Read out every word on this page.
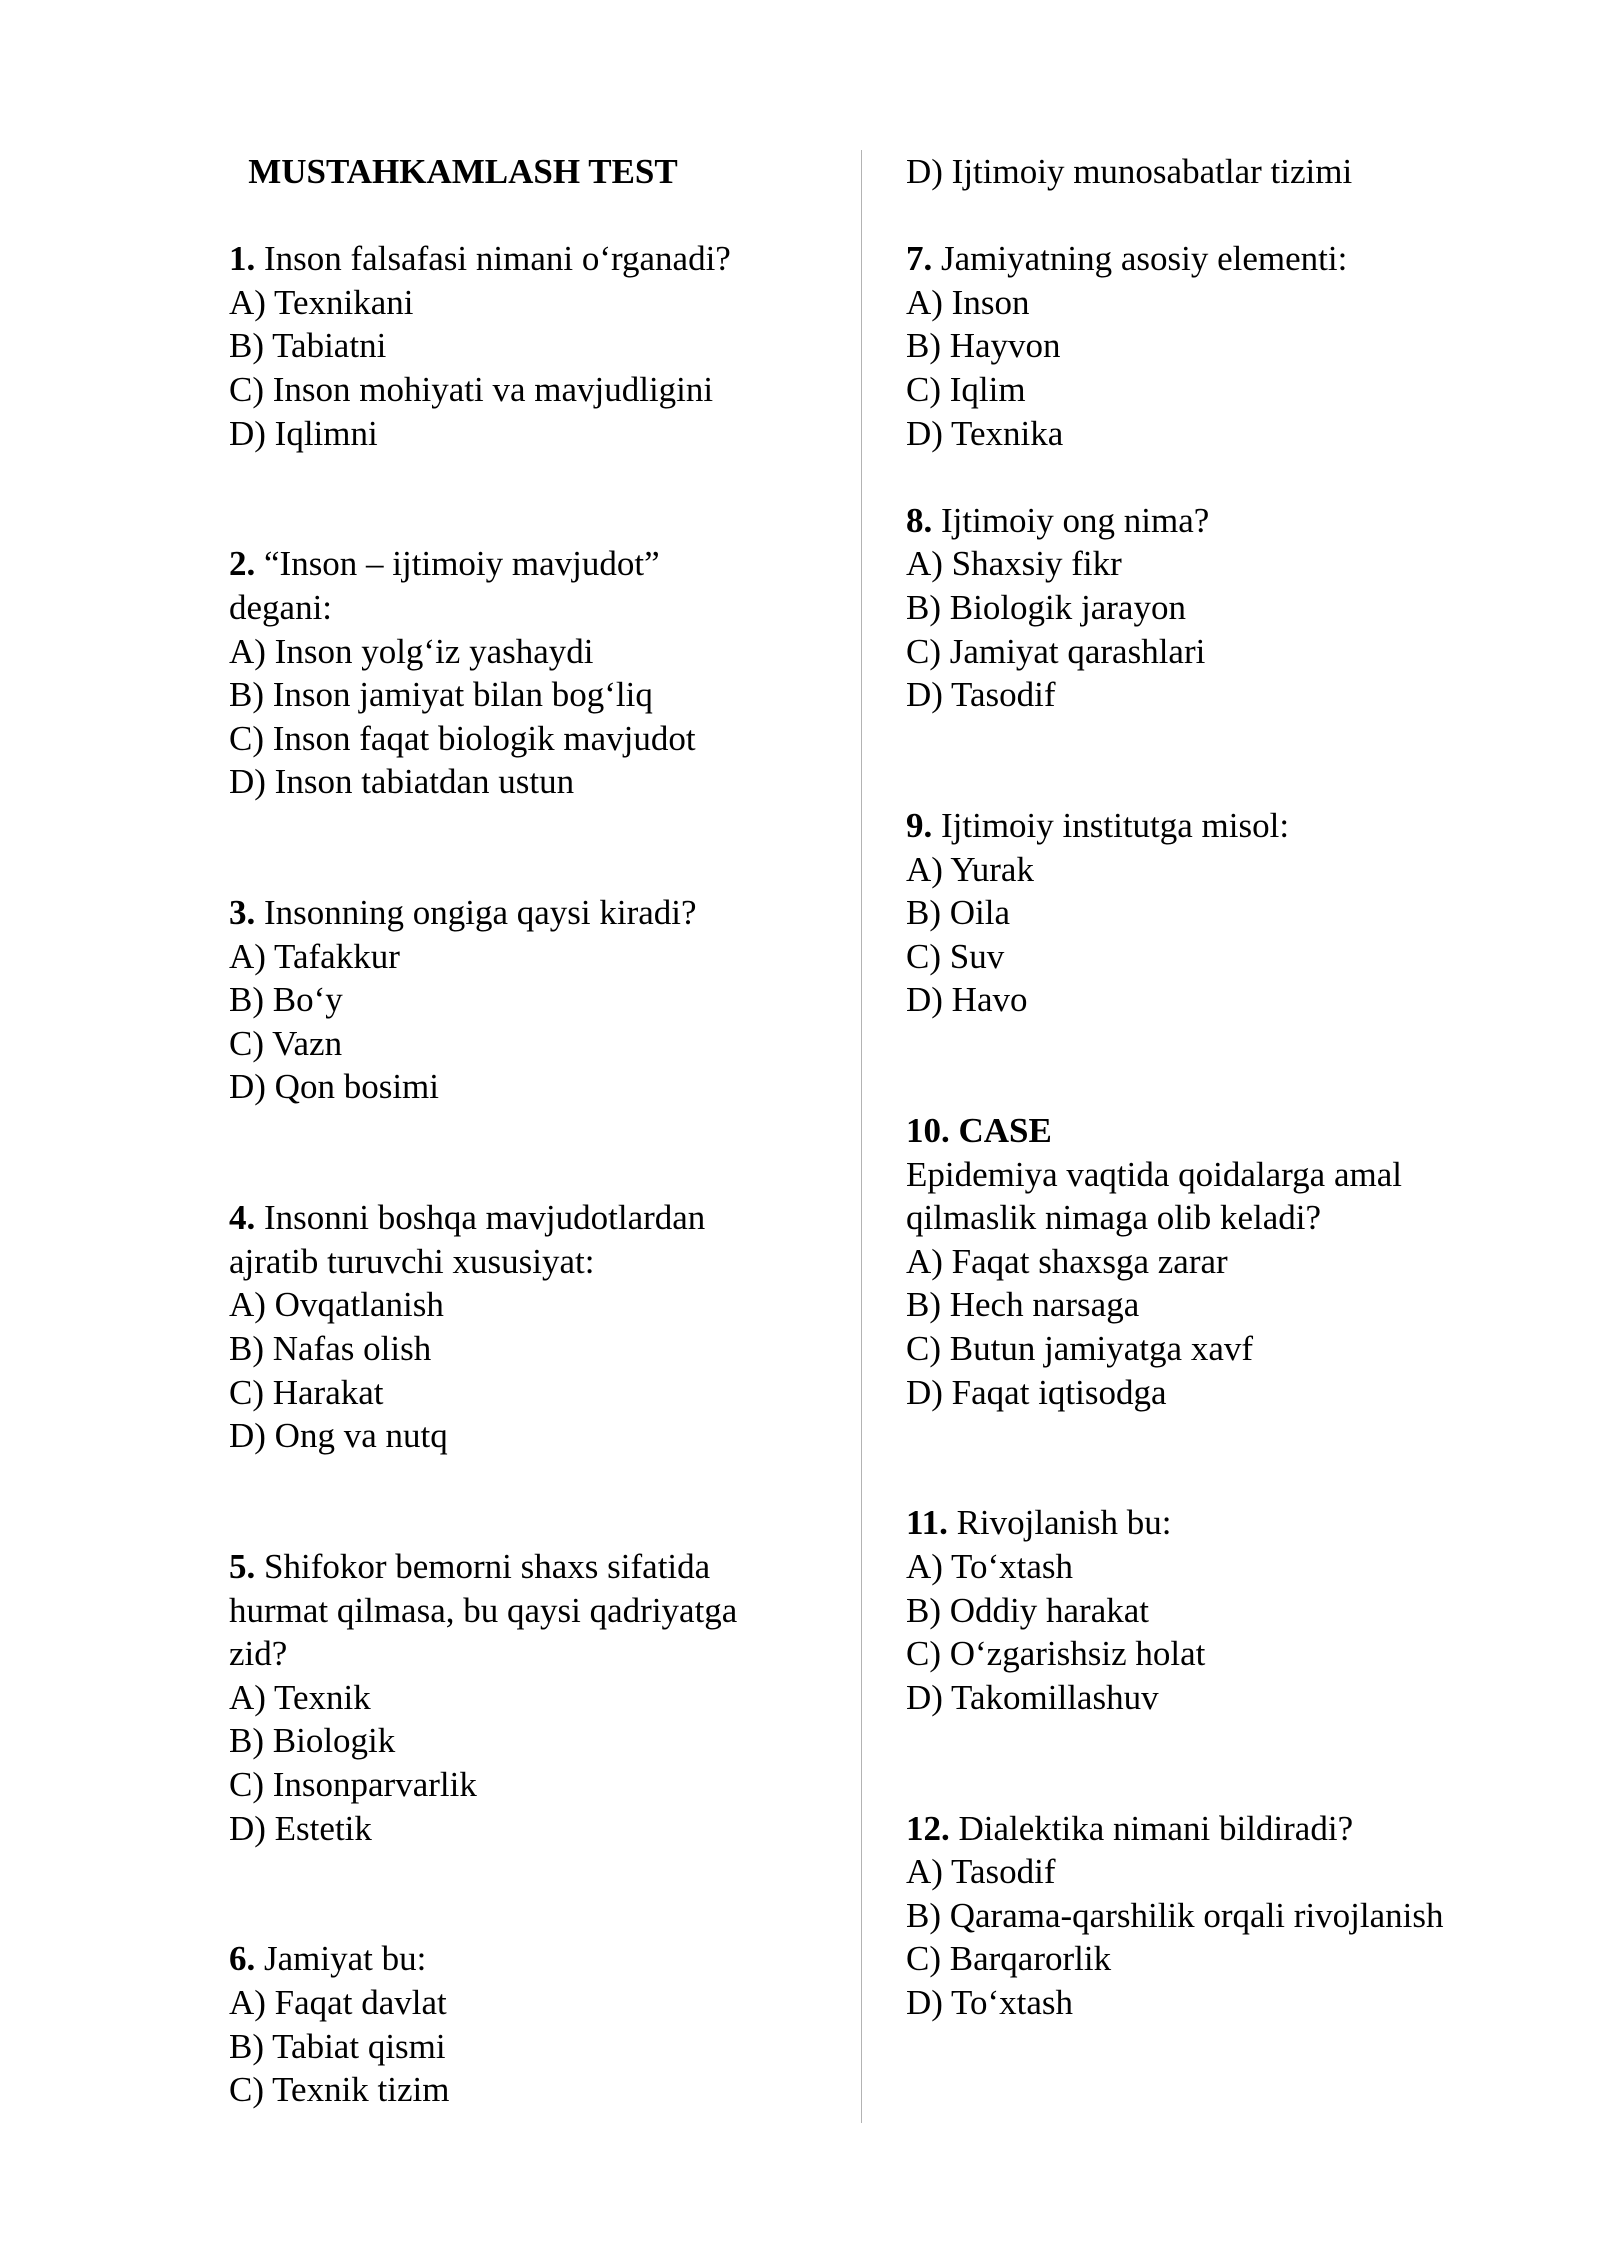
MUSTAHKAMLASH TEST
1. Inson falsafasi nimani o‘rganadi?
A) Texnikani
B) Tabiatni
C) Inson mohiyati va mavjudligini
D) Iqlimni
2. “Inson – ijtimoiy mavjudot”
degani:
A) Inson yolg‘iz yashaydi
B) Inson jamiyat bilan bog‘liq
C) Inson faqat biologik mavjudot
D) Inson tabiatdan ustun
3. Insonning ongiga qaysi kiradi?
A) Tafakkur
B) Bo‘y
C) Vazn
D) Qon bosimi
4. Insonni boshqa mavjudotlardan
ajratib turuvchi xususiyat:
A) Ovqatlanish
B) Nafas olish
C) Harakat
D) Ong va nutq
5. Shifokor bemorni shaxs sifatida
hurmat qilmasa, bu qaysi qadriyatga
zid?
A) Texnik
B) Biologik
C) Insonparvarlik
D) Estetik
6. Jamiyat bu:
A) Faqat davlat
B) Tabiat qismi
C) Texnik tizim
D) Ijtimoiy munosabatlar tizimi
7. Jamiyatning asosiy elementi:
A) Inson
B) Hayvon
C) Iqlim
D) Texnika
8. Ijtimoiy ong nima?
A) Shaxsiy fikr
B) Biologik jarayon
C) Jamiyat qarashlari
D) Tasodif
9. Ijtimoiy institutga misol:
A) Yurak
B) Oila
C) Suv
D) Havo
10. CASE
Epidemiya vaqtida qoidalarga amal
qilmaslik nimaga olib keladi?
A) Faqat shaxsga zarar
B) Hech narsaga
C) Butun jamiyatga xavf
D) Faqat iqtisodga
11. Rivojlanish bu:
A) To‘xtash
B) Oddiy harakat
C) O‘zgarishsiz holat
D) Takomillashuv
12. Dialektika nimani bildiradi?
A) Tasodif
B) Qarama-qarshilik orqali rivojlanish
C) Barqarorlik
D) To‘xtash
